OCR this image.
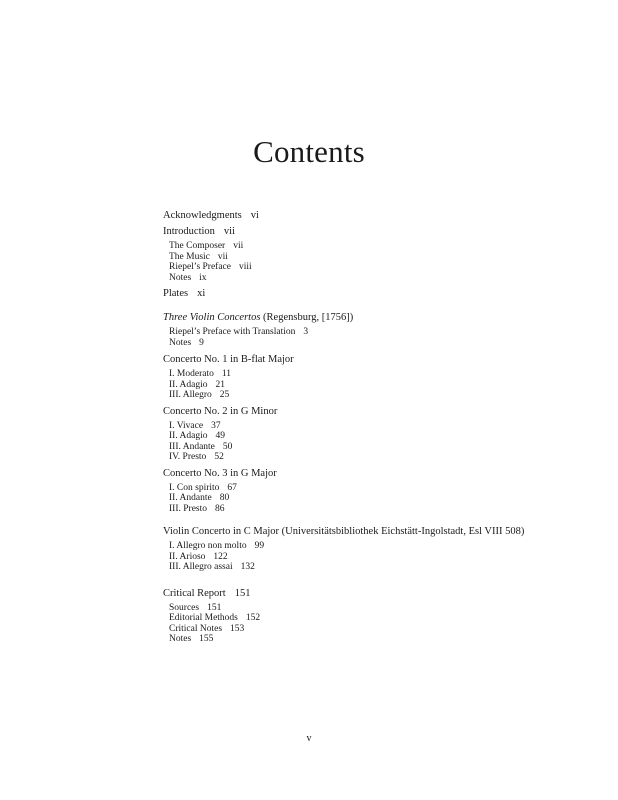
Contents
Acknowledgments vi
Introduction vii
The Composer vii
The Music vii
Riepel’s Preface viii
Notes ix
Plates xi
Three Violin Concertos (Regensburg, [1756])
Riepel’s Preface with Translation 3
Notes 9
Concerto No. 1 in B-flat Major
I. Moderato 11
II. Adagio 21
III. Allegro 25
Concerto No. 2 in G Minor
I. Vivace 37
II. Adagio 49
III. Andante 50
IV. Presto 52
Concerto No. 3 in G Major
I. Con spirito 67
II. Andante 80
III. Presto 86
Violin Concerto in C Major (Universitätsbibliothek Eichstätt-Ingolstadt, Esl VIII 508)
I. Allegro non molto 99
II. Arioso 122
III. Allegro assai 132
Critical Report 151
Sources 151
Editorial Methods 152
Critical Notes 153
Notes 155
v
